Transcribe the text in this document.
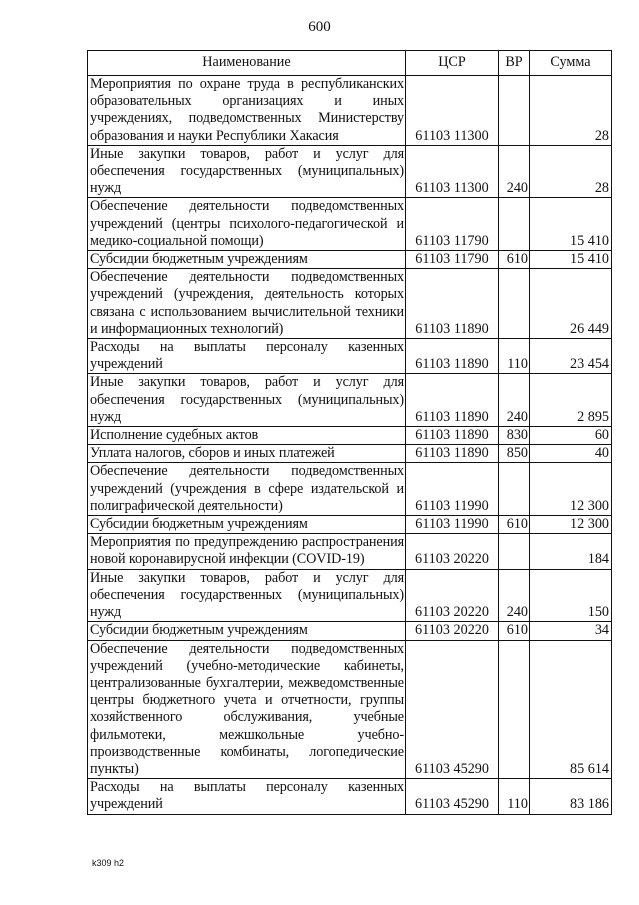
600
Наименование	ЦСР	ВР	Сумма
Мероприятия по охране труда в республиканских образовательных организациях и иных учреждениях, подведомственных Министерству образования и науки Республики Хакасия	61103 11300		28
Иные закупки товаров, работ и услуг для обеспечения государственных (муниципальных) нужд	61103 11300	240	28
Обеспечение деятельности подведомственных учреждений (центры психолого-педагогической и медико-социальной помощи)	61103 11790		15 410
Субсидии бюджетным учреждениям	61103 11790	610	15 410
Обеспечение деятельности подведомственных учреждений (учреждения, деятельность которых связана с использованием вычислительной техники и информационных технологий)	61103 11890		26 449
Расходы на выплаты персоналу казенных учреждений	61103 11890	110	23 454
Иные закупки товаров, работ и услуг для обеспечения государственных (муниципальных) нужд	61103 11890	240	2 895
Исполнение судебных актов	61103 11890	830	60
Уплата налогов, сборов и иных платежей	61103 11890	850	40
Обеспечение деятельности подведомственных учреждений (учреждения в сфере издательской и полиграфической деятельности)	61103 11990		12 300
Субсидии бюджетным учреждениям	61103 11990	610	12 300
Мероприятия по предупреждению распространения новой коронавирусной инфекции (COVID-19)	61103 20220		184
Иные закупки товаров, работ и услуг для обеспечения государственных (муниципальных) нужд	61103 20220	240	150
Субсидии бюджетным учреждениям	61103 20220	610	34
Обеспечение деятельности подведомственных учреждений (учебно-методические кабинеты, централизованные бухгалтерии, межведомственные центры бюджетного учета и отчетности, группы хозяйственного обслуживания, учебные фильмотеки, межшкольные учебно-производственные комбинаты, логопедические пункты)	61103 45290		85 614
Расходы на выплаты персоналу казенных учреждений	61103 45290	110	83 186
k309 h2
